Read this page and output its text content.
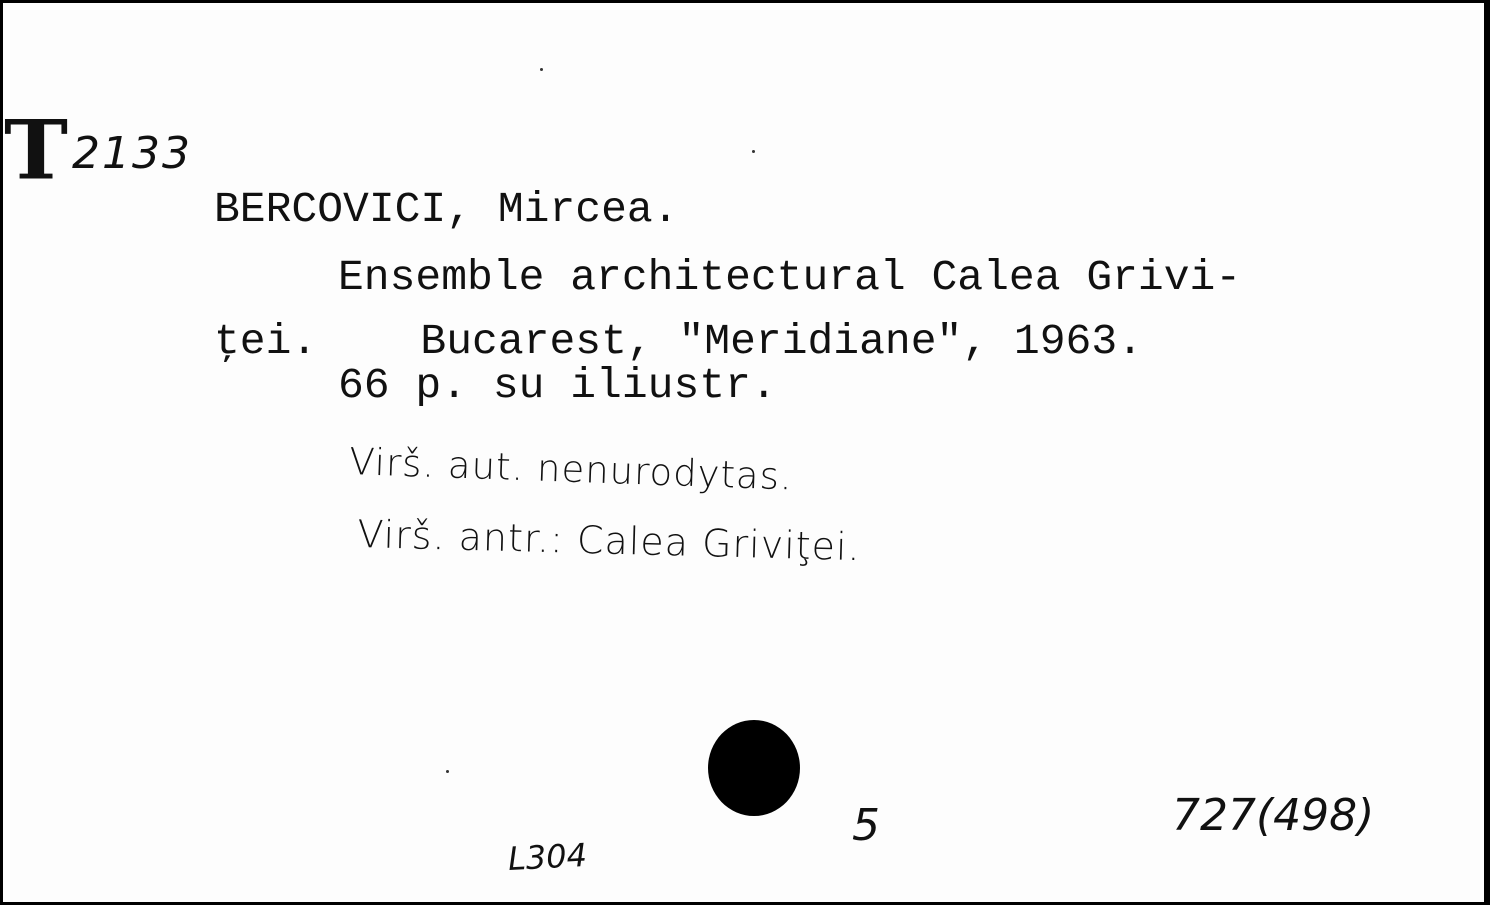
T 2133
BERCOVICI, Mircea.
Ensemble architectural Calea Grivi-
ţei.    Bucarest, "Meridiane", 1963.
66 p. su iliustr.
Virš. aut. nenurodytas.
Virš. antr.: Calea Griviţei.
L304
5	727(498)
